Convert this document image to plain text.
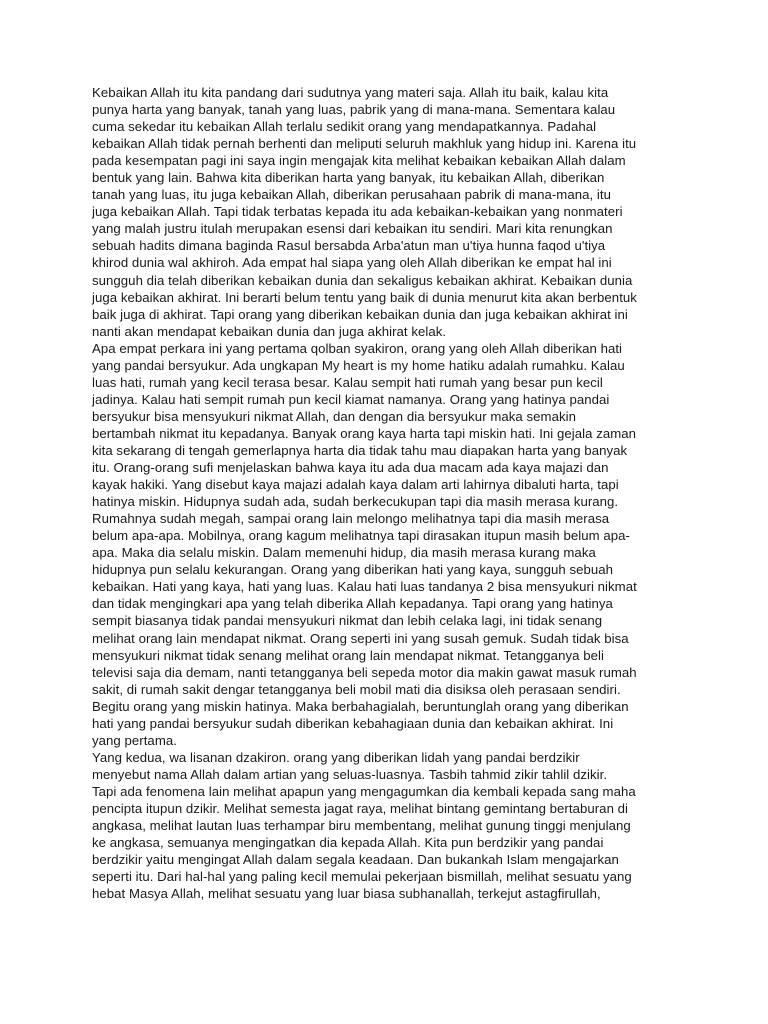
Kebaikan Allah itu kita pandang dari sudutnya yang materi saja. Allah itu baik, kalau kita
punya harta yang banyak, tanah yang luas, pabrik yang di mana-mana. Sementara kalau
cuma sekedar itu kebaikan Allah terlalu sedikit orang yang mendapatkannya. Padahal
kebaikan Allah tidak pernah berhenti dan meliputi seluruh makhluk yang hidup ini. Karena itu
pada kesempatan pagi ini saya ingin mengajak kita melihat kebaikan kebaikan Allah dalam
bentuk yang lain. Bahwa kita diberikan harta yang banyak, itu kebaikan Allah, diberikan
tanah yang luas, itu juga kebaikan Allah, diberikan perusahaan pabrik di mana-mana, itu
juga kebaikan Allah. Tapi tidak terbatas kepada itu ada kebaikan-kebaikan yang nonmateri
yang malah justru itulah merupakan esensi dari kebaikan itu sendiri. Mari kita renungkan
sebuah hadits dimana baginda Rasul bersabda Arba'atun man u'tiya hunna faqod u'tiya
khirod dunia wal akhiroh. Ada empat hal siapa yang oleh Allah diberikan ke empat hal ini
sungguh dia telah diberikan kebaikan dunia dan sekaligus kebaikan akhirat. Kebaikan dunia
juga kebaikan akhirat. Ini berarti belum tentu yang baik di dunia menurut kita akan berbentuk
baik juga di akhirat. Tapi orang yang diberikan kebaikan dunia dan juga kebaikan akhirat ini
nanti akan mendapat kebaikan dunia dan juga akhirat kelak.
Apa empat perkara ini yang pertama qolban syakiron, orang yang oleh Allah diberikan hati
yang pandai bersyukur. Ada ungkapan My heart is my home hatiku adalah rumahku. Kalau
luas hati, rumah yang kecil terasa besar. Kalau sempit hati rumah yang besar pun kecil
jadinya. Kalau hati sempit rumah pun kecil kiamat namanya. Orang yang hatinya pandai
bersyukur bisa mensyukuri nikmat Allah, dan dengan dia bersyukur maka semakin
bertambah nikmat itu kepadanya. Banyak orang kaya harta tapi miskin hati. Ini gejala zaman
kita sekarang di tengah gemerlapnya harta dia tidak tahu mau diapakan harta yang banyak
itu. Orang-orang sufi menjelaskan bahwa kaya itu ada dua macam ada kaya majazi dan
kayak hakiki. Yang disebut kaya majazi adalah kaya dalam arti lahirnya dibaluti harta, tapi
hatinya miskin. Hidupnya sudah ada, sudah berkecukupan tapi dia masih merasa kurang.
Rumahnya sudah megah, sampai orang lain melongo melihatnya tapi dia masih merasa
belum apa-apa. Mobilnya, orang kagum melihatnya tapi dirasakan itupun masih belum apa-
apa. Maka dia selalu miskin. Dalam memenuhi hidup, dia masih merasa kurang maka
hidupnya pun selalu kekurangan. Orang yang diberikan hati yang kaya, sungguh sebuah
kebaikan. Hati yang kaya, hati yang luas. Kalau hati luas tandanya 2 bisa mensyukuri nikmat
dan tidak mengingkari apa yang telah diberika Allah kepadanya. Tapi orang yang hatinya
sempit biasanya tidak pandai mensyukuri nikmat dan lebih celaka lagi, ini tidak senang
melihat orang lain mendapat nikmat. Orang seperti ini yang susah gemuk. Sudah tidak bisa
mensyukuri nikmat tidak senang melihat orang lain mendapat nikmat. Tetangganya beli
televisi saja dia demam, nanti tetangganya beli sepeda motor dia makin gawat masuk rumah
sakit, di rumah sakit dengar tetangganya beli mobil mati dia disiksa oleh perasaan sendiri.
Begitu orang yang miskin hatinya. Maka berbahagialah, beruntunglah orang yang diberikan
hati yang pandai bersyukur sudah diberikan kebahagiaan dunia dan kebaikan akhirat. Ini
yang pertama.
Yang kedua, wa lisanan dzakiron. orang yang diberikan lidah yang pandai berdzikir
menyebut nama Allah dalam artian yang seluas-luasnya. Tasbih tahmid zikir tahlil dzikir.
Tapi ada fenomena lain melihat apapun yang mengagumkan dia kembali kepada sang maha
pencipta itupun dzikir. Melihat semesta jagat raya, melihat bintang gemintang bertaburan di
angkasa, melihat lautan luas terhampar biru membentang, melihat gunung tinggi menjulang
ke angkasa, semuanya mengingatkan dia kepada Allah. Kita pun berdzikir yang pandai
berdzikir yaitu mengingat Allah dalam segala keadaan. Dan bukankah Islam mengajarkan
seperti itu. Dari hal-hal yang paling kecil memulai pekerjaan bismillah, melihat sesuatu yang
hebat Masya Allah, melihat sesuatu yang luar biasa subhanallah, terkejut astagfirullah,
